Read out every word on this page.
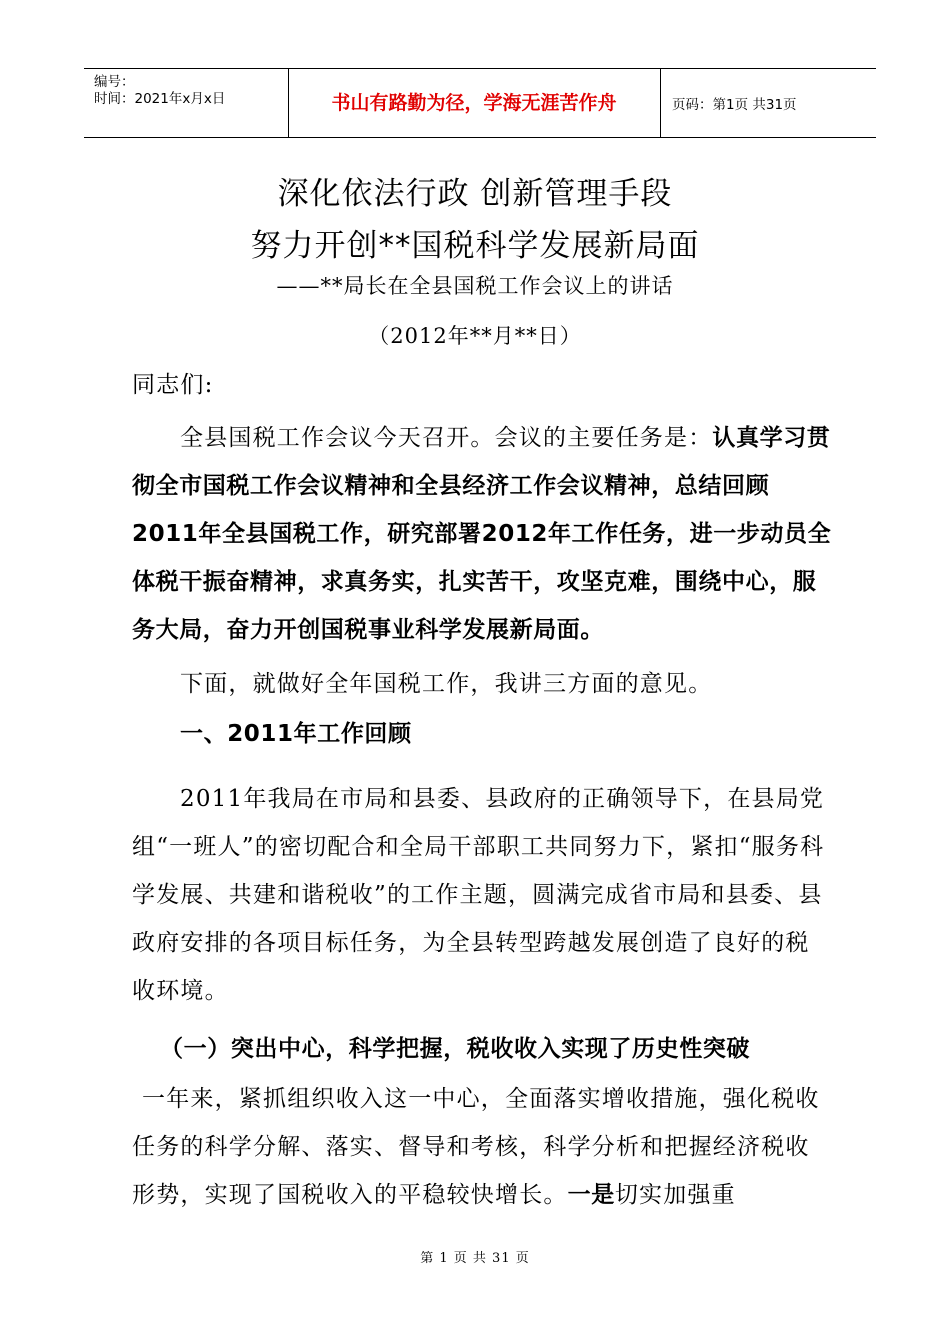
编号：
时间：2021年x月x日	书山有路勤为径，学海无涯苦作舟	页码：第1页 共31页
深化依法行政 创新管理手段
努力开创**国税科学发展新局面
——**局长在全县国税工作会议上的讲话
（2012年**月**日）
同志们:
全县国税工作会议今天召开。会议的主要任务是：认真学习贯彻全市国税工作会议精神和全县经济工作会议精神，总结回顾2011年全县国税工作，研究部署2012年工作任务，进一步动员全体税干振奋精神，求真务实，扎实苦干，攻坚克难，围绕中心，服务大局，奋力开创国税事业科学发展新局面。
下面，就做好全年国税工作，我讲三方面的意见。
一、2011年工作回顾
2011年我局在市局和县委、县政府的正确领导下，在县局党组“一班人”的密切配合和全局干部职工共同努力下，紧扣“服务科学发展、共建和谐税收”的工作主题，圆满完成省市局和县委、县政府安排的各项目标任务，为全县转型跨越发展创造了良好的税收环境。
（一）突出中心，科学把握，税收收入实现了历史性突破
一年来，紧抓组织收入这一中心，全面落实增收措施，强化税收任务的科学分解、落实、督导和考核，科学分析和把握经济税收形势，实现了国税收入的平稳较快增长。一是切实加强重
第 1 页 共 31 页
